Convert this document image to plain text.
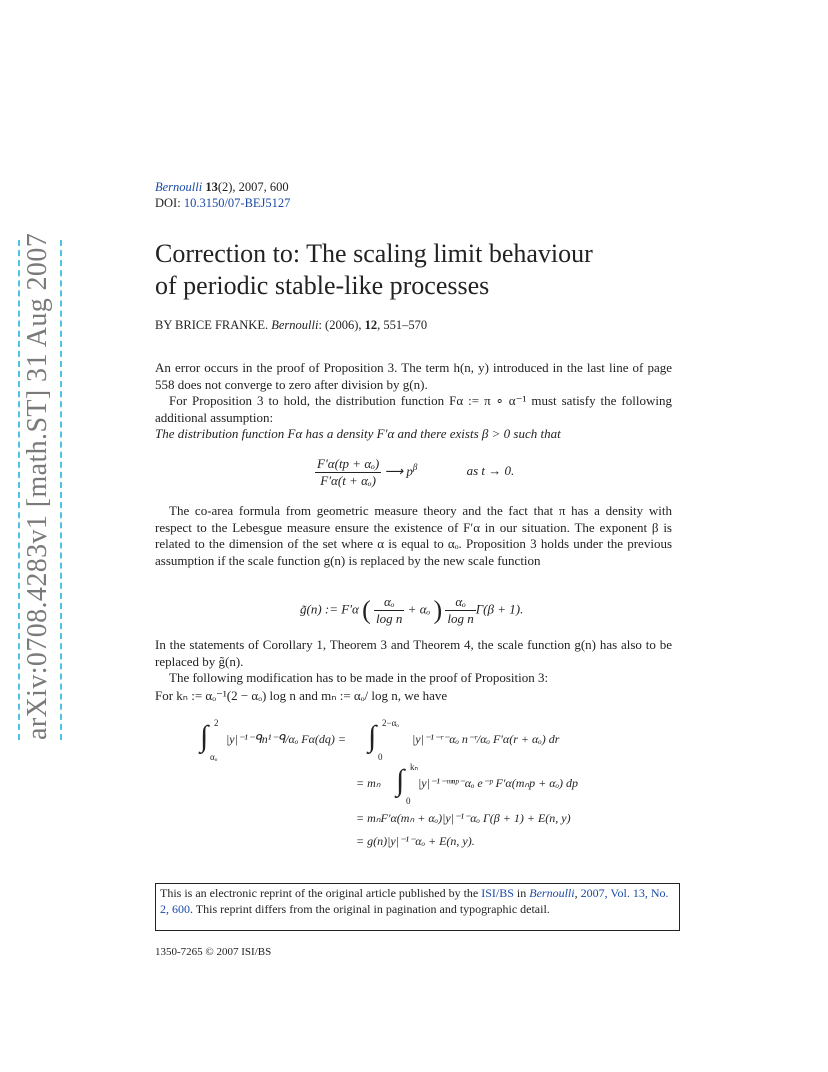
arXiv:0708.4283v1 [math.ST] 31 Aug 2007
Bernoulli 13(2), 2007, 600
DOI: 10.3150/07-BEJ5127
Correction to: The scaling limit behaviour
of periodic stable-like processes
BY BRICE FRANKE. Bernoulli: (2006), 12, 551–570
An error occurs in the proof of Proposition 3. The term h(n, y) introduced in the last line of page 558 does not converge to zero after division by g(n).
For Proposition 3 to hold, the distribution function Fα := π ∘ α⁻¹ must satisfy the following additional assumption:
The distribution function Fα has a density F′α and there exists β > 0 such that
$\frac{\text{F′α(tp + αₒ)}}{\text{F′α(t + αₒ)}}$ ⟶ $p^\beta$	as t → 0.
The co-area formula from geometric measure theory and the fact that π has a density with respect to the Lebesgue measure ensure the existence of F′α in our situation. The exponent β is related to the dimension of the set where α is equal to αₒ. Proposition 3 holds under the previous assumption if the scale function g(n) is replaced by the new scale function
g̃(n) := F′α ( $\frac{\text{αₒ}}{\text{log n}} + \alpha_o$ ) $\frac{\text{αₒ}}{\text{log n}} \Gamma(\beta + 1)$.
In the statements of Corollary 1, Theorem 3 and Theorem 4, the scale function g(n) has also to be replaced by g̃(n).
The following modification has to be made in the proof of Proposition 3:
For kₙ := αₒ⁻¹(2 − αₒ) log n and mₙ := αₒ/ log n, we have
∫ 2
αₒ
|y|⁻¹⁻ᑫn¹⁻ᑫ/αₒ Fα(dq) = ∫ 2−αₒ
0
|y|⁻¹⁻ʳ⁻αₒ n⁻ʳ/αₒ F′α(r + αₒ) dr
= mₙ ∫ kₙ
0
|y|⁻¹⁻ᵐⁿᵖ⁻αₒ e⁻ᵖ F′α(mₙp + αₒ) dp
= mₙF′α(mₙ + αₒ)|y|⁻¹⁻αₒ Γ(β + 1) + E(n, y)
= g(n)|y|⁻¹⁻αₒ + E(n, y).
This is an electronic reprint of the original article published by the ISI/BS in Bernoulli, 2007, Vol. 13, No. 2, 600. This reprint differs from the original in pagination and typographic detail.
1350-7265 © 2007 ISI/BS
